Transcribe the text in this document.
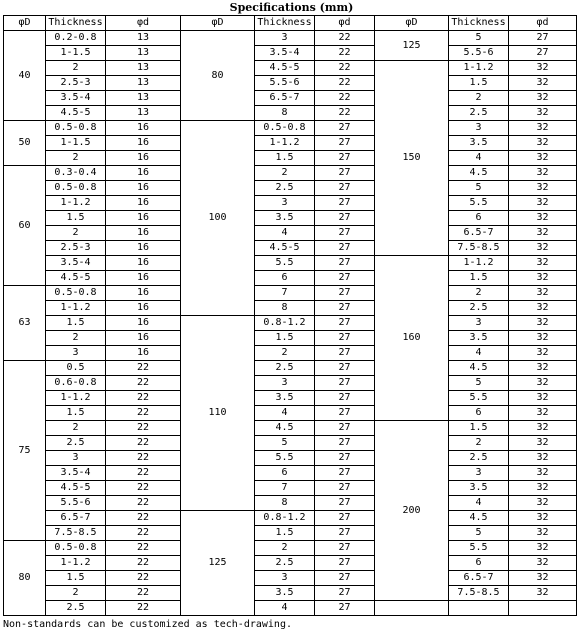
Specifications (mm)
φD	Thickness	φd	φD	Thickness	φd	φD	Thickness	φd
40	0.2-0.8	13	80	3	22	125	5	27
	1-1.5	13		3.5-4	22		5.5-6	27
	2	13		4.5-5	22	150	1-1.2	32
	2.5-3	13		5.5-6	22		1.5	32
	3.5-4	13		6.5-7	22		2	32
	4.5-5	13		8	22		2.5	32
50	0.5-0.8	16	100	0.5-0.8	27		3	32
	1-1.5	16		1-1.2	27		3.5	32
	2	16		1.5	27		4	32
60	0.3-0.4	16		2	27		4.5	32
	0.5-0.8	16		2.5	27		5	32
	1-1.2	16		3	27		5.5	32
	1.5	16		3.5	27		6	32
	2	16		4	27		6.5-7	32
	2.5-3	16		4.5-5	27		7.5-8.5	32
	3.5-4	16		5.5	27	160	1-1.2	32
	4.5-5	16		6	27		1.5	32
63	0.5-0.8	16		7	27		2	32
	1-1.2	16		8	27		2.5	32
	1.5	16	110	0.8-1.2	27		3	32
	2	16		1.5	27		3.5	32
	3	16		2	27		4	32
75	0.5	22		2.5	27		4.5	32
	0.6-0.8	22		3	27		5	32
	1-1.2	22		3.5	27		5.5	32
	1.5	22		4	27		6	32
	2	22		4.5	27	200	1.5	32
	2.5	22		5	27		2	32
	3	22		5.5	27		2.5	32
	3.5-4	22		6	27		3	32
	4.5-5	22		7	27		3.5	32
	5.5-6	22		8	27		4	32
	6.5-7	22	125	0.8-1.2	27		4.5	32
	7.5-8.5	22		1.5	27		5	32
80	0.5-0.8	22		2	27		5.5	32
	1-1.2	22		2.5	27		6	32
	1.5	22		3	27		6.5-7	32
	2	22		3.5	27		7.5-8.5	32
	2.5	22		4	27			
Non-standards can be customized as tech-drawing.
